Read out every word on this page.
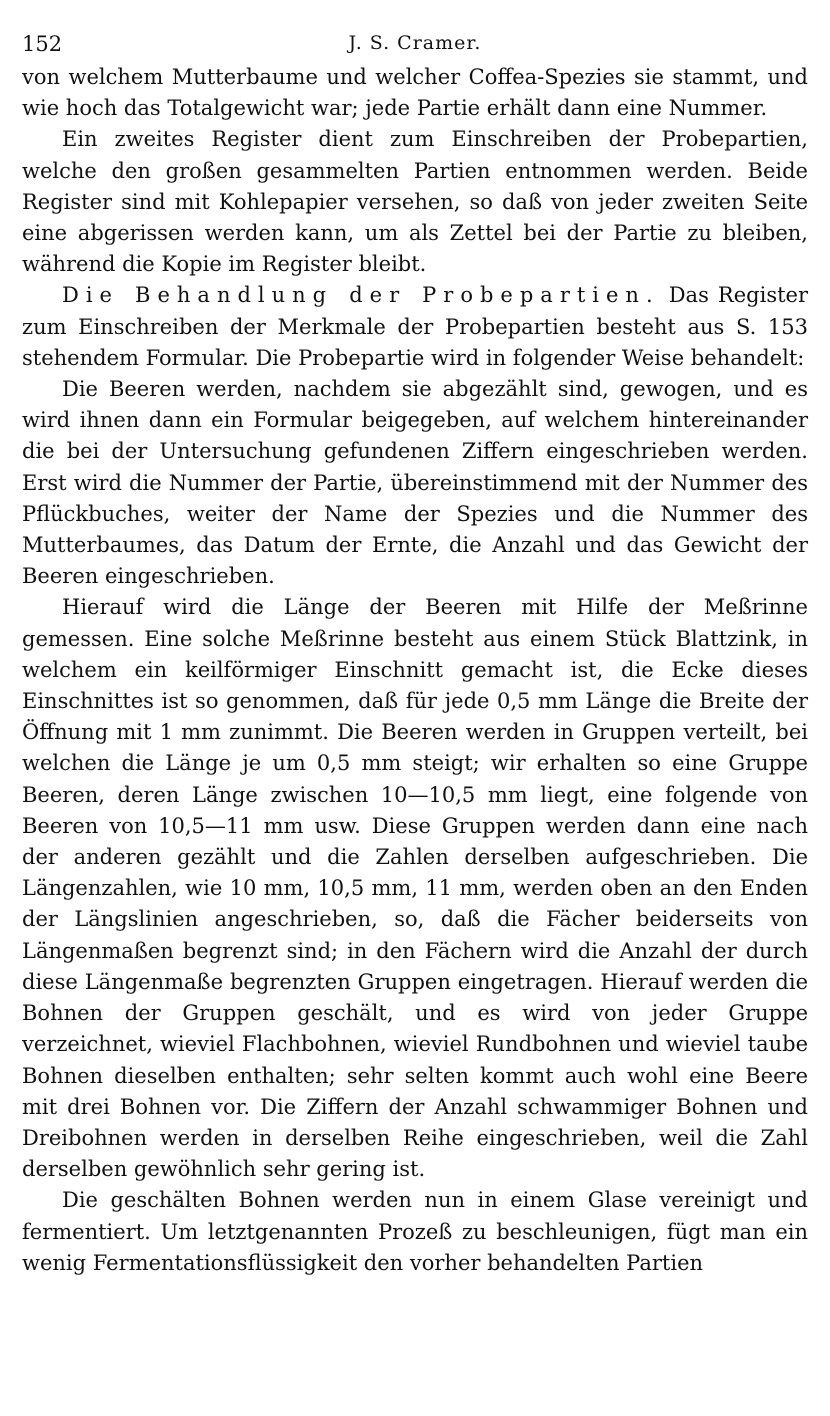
152	J. S. Cramer.

von welchem Mutterbaume und welcher Coffea-Spezies sie stammt, und wie hoch das Totalgewicht war; jede Partie erhält dann eine Nummer.

Ein zweites Register dient zum Einschreiben der Probepartien, welche den großen gesammelten Partien entnommen werden. Beide Register sind mit Kohlepapier versehen, so daß von jeder zweiten Seite eine abgerissen werden kann, um als Zettel bei der Partie zu bleiben, während die Kopie im Register bleibt.

Die Behandlung der Probepartien. Das Register zum Einschreiben der Merkmale der Probepartien besteht aus S. 153 stehendem Formular. Die Probepartie wird in folgender Weise behandelt:

Die Beeren werden, nachdem sie abgezählt sind, gewogen, und es wird ihnen dann ein Formular beigegeben, auf welchem hintereinander die bei der Untersuchung gefundenen Ziffern eingeschrieben werden. Erst wird die Nummer der Partie, übereinstimmend mit der Nummer des Pflückbuches, weiter der Name der Spezies und die Nummer des Mutterbaumes, das Datum der Ernte, die Anzahl und das Gewicht der Beeren eingeschrieben.

Hierauf wird die Länge der Beeren mit Hilfe der Meßrinne gemessen. Eine solche Meßrinne besteht aus einem Stück Blattzink, in welchem ein keilförmiger Einschnitt gemacht ist, die Ecke dieses Einschnittes ist so genommen, daß für jede 0,5 mm Länge die Breite der Öffnung mit 1 mm zunimmt. Die Beeren werden in Gruppen verteilt, bei welchen die Länge je um 0,5 mm steigt; wir erhalten so eine Gruppe Beeren, deren Länge zwischen 10—10,5 mm liegt, eine folgende von Beeren von 10,5—11 mm usw. Diese Gruppen werden dann eine nach der anderen gezählt und die Zahlen derselben aufgeschrieben. Die Längenzahlen, wie 10 mm, 10,5 mm, 11 mm, werden oben an den Enden der Längslinien angeschrieben, so, daß die Fächer beiderseits von Längenmaßen begrenzt sind; in den Fächern wird die Anzahl der durch diese Längenmaße begrenzten Gruppen eingetragen. Hierauf werden die Bohnen der Gruppen geschält, und es wird von jeder Gruppe verzeichnet, wieviel Flachbohnen, wieviel Rundbohnen und wieviel taube Bohnen dieselben enthalten; sehr selten kommt auch wohl eine Beere mit drei Bohnen vor. Die Ziffern der Anzahl schwammiger Bohnen und Dreibohnen werden in derselben Reihe eingeschrieben, weil die Zahl derselben gewöhnlich sehr gering ist.

Die geschälten Bohnen werden nun in einem Glase vereinigt und fermentiert. Um letztgenannten Prozeß zu beschleunigen, fügt man ein wenig Fermentationsflüssigkeit den vorher behandelten Partien
